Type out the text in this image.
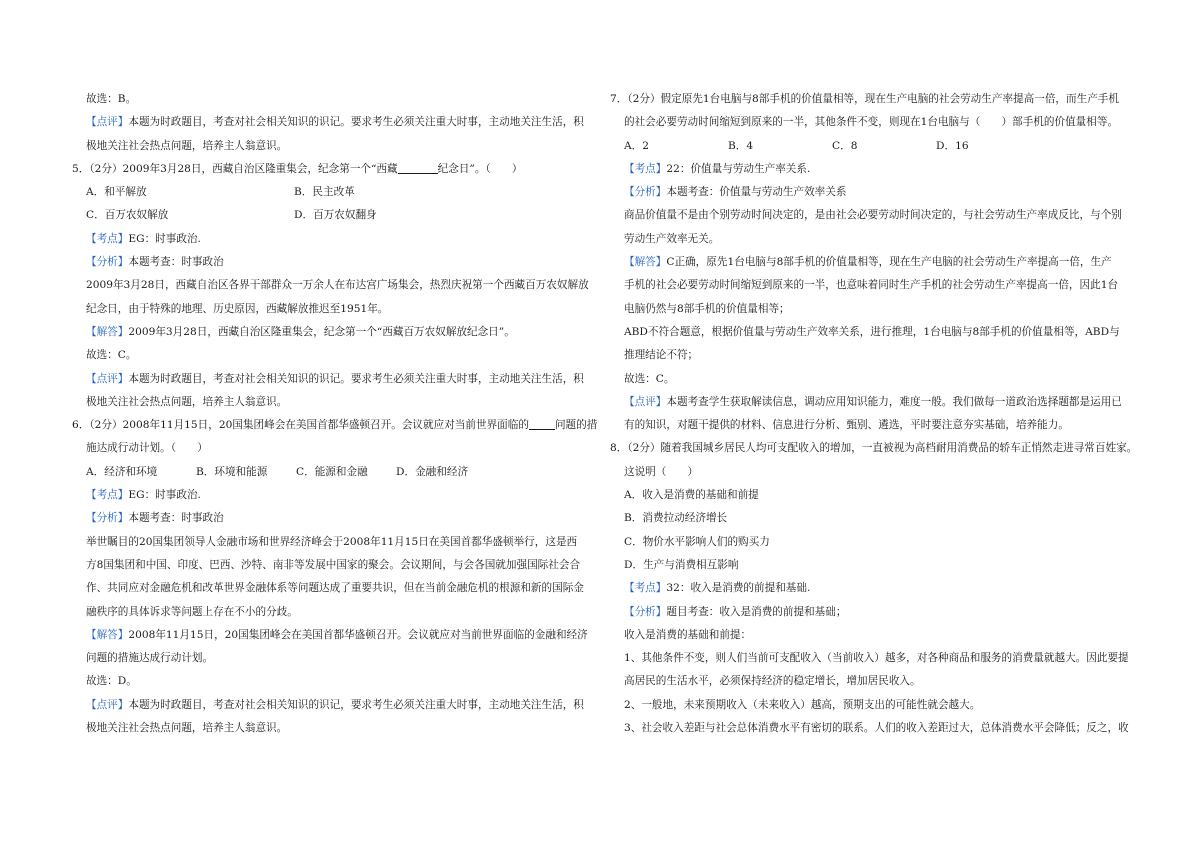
故选：B。
【点评】本题为时政题目，考查对社会相关知识的识记。要求考生必须关注重大时事，主动地关注生活，积
极地关注社会热点问题，培养主人翁意识。
5．（2分）2009年3月28日，西藏自治区隆重集会，纪念第一个“西藏	纪念日”。（　　）
A．和平解放	B．民主改革
C．百万农奴解放	D．百万农奴翻身
【考点】EG：时事政治.
【分析】本题考查：时事政治
2009年3月28日，西藏自治区各界干部群众一万余人在布达宫广场集会，热烈庆祝第一个西藏百万农奴解放
纪念日，由于特殊的地理、历史原因，西藏解放推迟至1951年。
【解答】2009年3月28日，西藏自治区隆重集会，纪念第一个“西藏百万农奴解放纪念日”。
故选：C。
【点评】本题为时政题目，考查对社会相关知识的识记。要求考生必须关注重大时事，主动地关注生活，积
极地关注社会热点问题，培养主人翁意识。
6．（2分）2008年11月15日，20国集团峰会在美国首都华盛顿召开。会议就应对当前世界面临的 问题的措
施达成行动计划。（　　）
A．经济和环境	B．环境和能源	C．能源和金融	D．金融和经济
【考点】EG：时事政治.
【分析】本题考查：时事政治
举世瞩目的20国集团领导人金融市场和世界经济峰会于2008年11月15日在美国首都华盛顿举行，这是西
方8国集团和中国、印度、巴西、沙特、南非等发展中国家的聚会。会议期间，与会各国就加强国际社会合
作、共同应对金融危机和改革世界金融体系等问题达成了重要共识，但在当前金融危机的根源和新的国际金
融秩序的具体诉求等问题上存在不小的分歧。
【解答】2008年11月15日，20国集团峰会在美国首都华盛顿召开。会议就应对当前世界面临的金融和经济
问题的措施达成行动计划。
故选：D。
【点评】本题为时政题目，考查对社会相关知识的识记，要求考生必须关注重大时事，主动地关注生活，积
极地关注社会热点问题，培养主人翁意识。
7．（2分）假定原先1台电脑与8部手机的价值量相等，现在生产电脑的社会劳动生产率提高一倍，而生产手机
的社会必要劳动时间缩短到原来的一半，其他条件不变，则现在1台电脑与（　　）部手机的价值量相等。
A．2	B．4	C．8	D．16
【考点】22：价值量与劳动生产率关系.
【分析】本题考查：价值量与劳动生产效率关系
商品价值量不是由个别劳动时间决定的，是由社会必要劳动时间决定的，与社会劳动生产率成反比，与个别
劳动生产效率无关。
【解答】C正确，原先1台电脑与8部手机的价值量相等，现在生产电脑的社会劳动生产率提高一倍，生产
手机的社会必要劳动时间缩短到原来的一半，也意味着同时生产手机的社会劳动生产率提高一倍，因此1台
电脑仍然与8部手机的价值量相等；
ABD不符合题意，根据价值量与劳动生产效率关系，进行推理，1台电脑与8部手机的价值量相等，ABD与
推理结论不符；
故选：C。
【点评】本题考查学生获取解读信息，调动应用知识能力，难度一般。我们做每一道政治选择题都是运用已
有的知识，对题干提供的材料、信息进行分析、甄别、遴选，平时要注意夯实基础，培养能力。
8．（2分）随着我国城乡居民人均可支配收入的增加，一直被视为高档耐用消费品的轿车正悄然走进寻常百姓家。
这说明（　　）
A．收入是消费的基础和前提
B．消费拉动经济增长
C．物价水平影响人们的购买力
D．生产与消费相互影响
【考点】32：收入是消费的前提和基础.
【分析】题目考查：收入是消费的前提和基础；
收入是消费的基础和前提：
1、其他条件不变，则人们当前可支配收入（当前收入）越多，对各种商品和服务的消费量就越大。因此要提
高居民的生活水平，必须保持经济的稳定增长，增加居民收入。
2、一般地，未来预期收入（未来收入）越高，预期支出的可能性就会越大。
3、社会收入差距与社会总体消费水平有密切的联系。人们的收入差距过大，总体消费水平会降低；反之，收
